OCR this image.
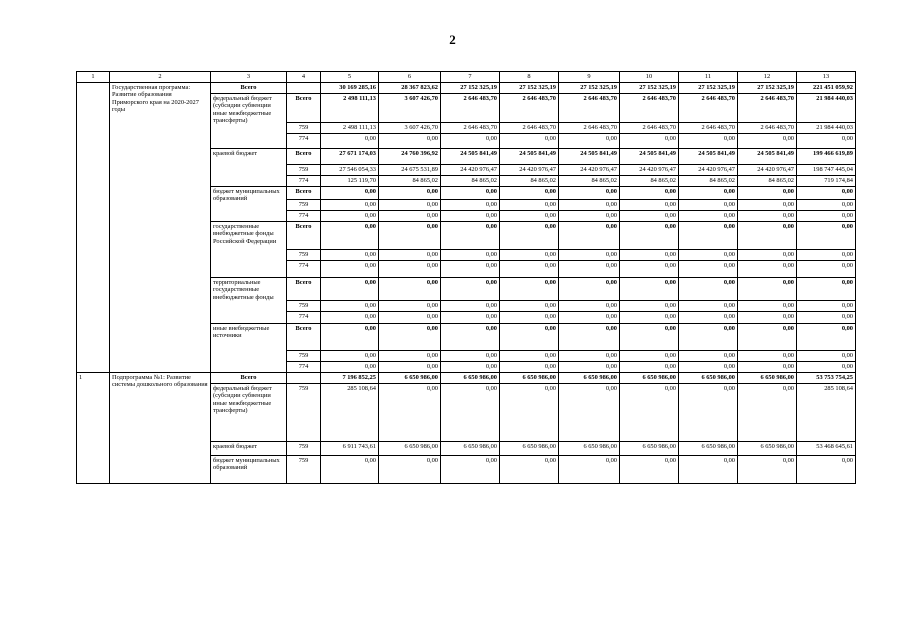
2
1	2	3	4	5	6	7	8	9	10	11	12	13
	Государственная программа: Развитие образования Приморского края на 2020-2027 годы	Всего		30 169 285,16	28 367 823,62	27 152 325,19	27 152 325,19	27 152 325,19	27 152 325,19	27 152 325,19	27 152 325,19	221 451 059,92
		федеральный бюджет (субсидии субвенции иные межбюджетные трансферты)	Всего	2 498 111,13	3 607 426,70	2 646 483,70	2 646 483,70	2 646 483,70	2 646 483,70	2 646 483,70	2 646 483,70	21 984 440,03
			759	2 498 111,13	3 607 426,70	2 646 483,70	2 646 483,70	2 646 483,70	2 646 483,70	2 646 483,70	2 646 483,70	21 984 440,03
			774	0,00	0,00	0,00	0,00	0,00	0,00	0,00	0,00	0,00
		краевой бюджет	Всего	27 671 174,03	24 760 396,92	24 505 841,49	24 505 841,49	24 505 841,49	24 505 841,49	24 505 841,49	24 505 841,49	199 466 619,89
			759	27 546 054,33	24 675 531,89	24 420 976,47	24 420 976,47	24 420 976,47	24 420 976,47	24 420 976,47	24 420 976,47	198 747 445,04
			774	125 119,70	84 865,02	84 865,02	84 865,02	84 865,02	84 865,02	84 865,02	84 865,02	719 174,84
		бюджет муниципальных образований	Всего	0,00	0,00	0,00	0,00	0,00	0,00	0,00	0,00	0,00
			759	0,00	0,00	0,00	0,00	0,00	0,00	0,00	0,00	0,00
			774	0,00	0,00	0,00	0,00	0,00	0,00	0,00	0,00	0,00
		государственные внебюджетные фонды Российской Федерации	Всего	0,00	0,00	0,00	0,00	0,00	0,00	0,00	0,00	0,00
			759	0,00	0,00	0,00	0,00	0,00	0,00	0,00	0,00	0,00
			774	0,00	0,00	0,00	0,00	0,00	0,00	0,00	0,00	0,00
		территориальные государственные внебюджетные фонды	Всего	0,00	0,00	0,00	0,00	0,00	0,00	0,00	0,00	0,00
			759	0,00	0,00	0,00	0,00	0,00	0,00	0,00	0,00	0,00
			774	0,00	0,00	0,00	0,00	0,00	0,00	0,00	0,00	0,00
		иные внебюджетные источники	Всего	0,00	0,00	0,00	0,00	0,00	0,00	0,00	0,00	0,00
			759	0,00	0,00	0,00	0,00	0,00	0,00	0,00	0,00	0,00
			774	0,00	0,00	0,00	0,00	0,00	0,00	0,00	0,00	0,00
1	Подпрограмма №1: Развитие системы дошкольного образования	Всего		7 196 852,25	6 650 986,00	6 650 986,00	6 650 986,00	6 650 986,00	6 650 986,00	6 650 986,00	6 650 986,00	53 753 754,25
		федеральный бюджет (субсидии субвенции иные межбюджетные трансферты)	759	285 108,64	0,00	0,00	0,00	0,00	0,00	0,00	0,00	285 108,64
		краевой бюджет	759	6 911 743,61	6 650 986,00	6 650 986,00	6 650 986,00	6 650 986,00	6 650 986,00	6 650 986,00	6 650 986,00	53 468 645,61
		бюджет муниципальных образований	759	0,00	0,00	0,00	0,00	0,00	0,00	0,00	0,00	0,00
